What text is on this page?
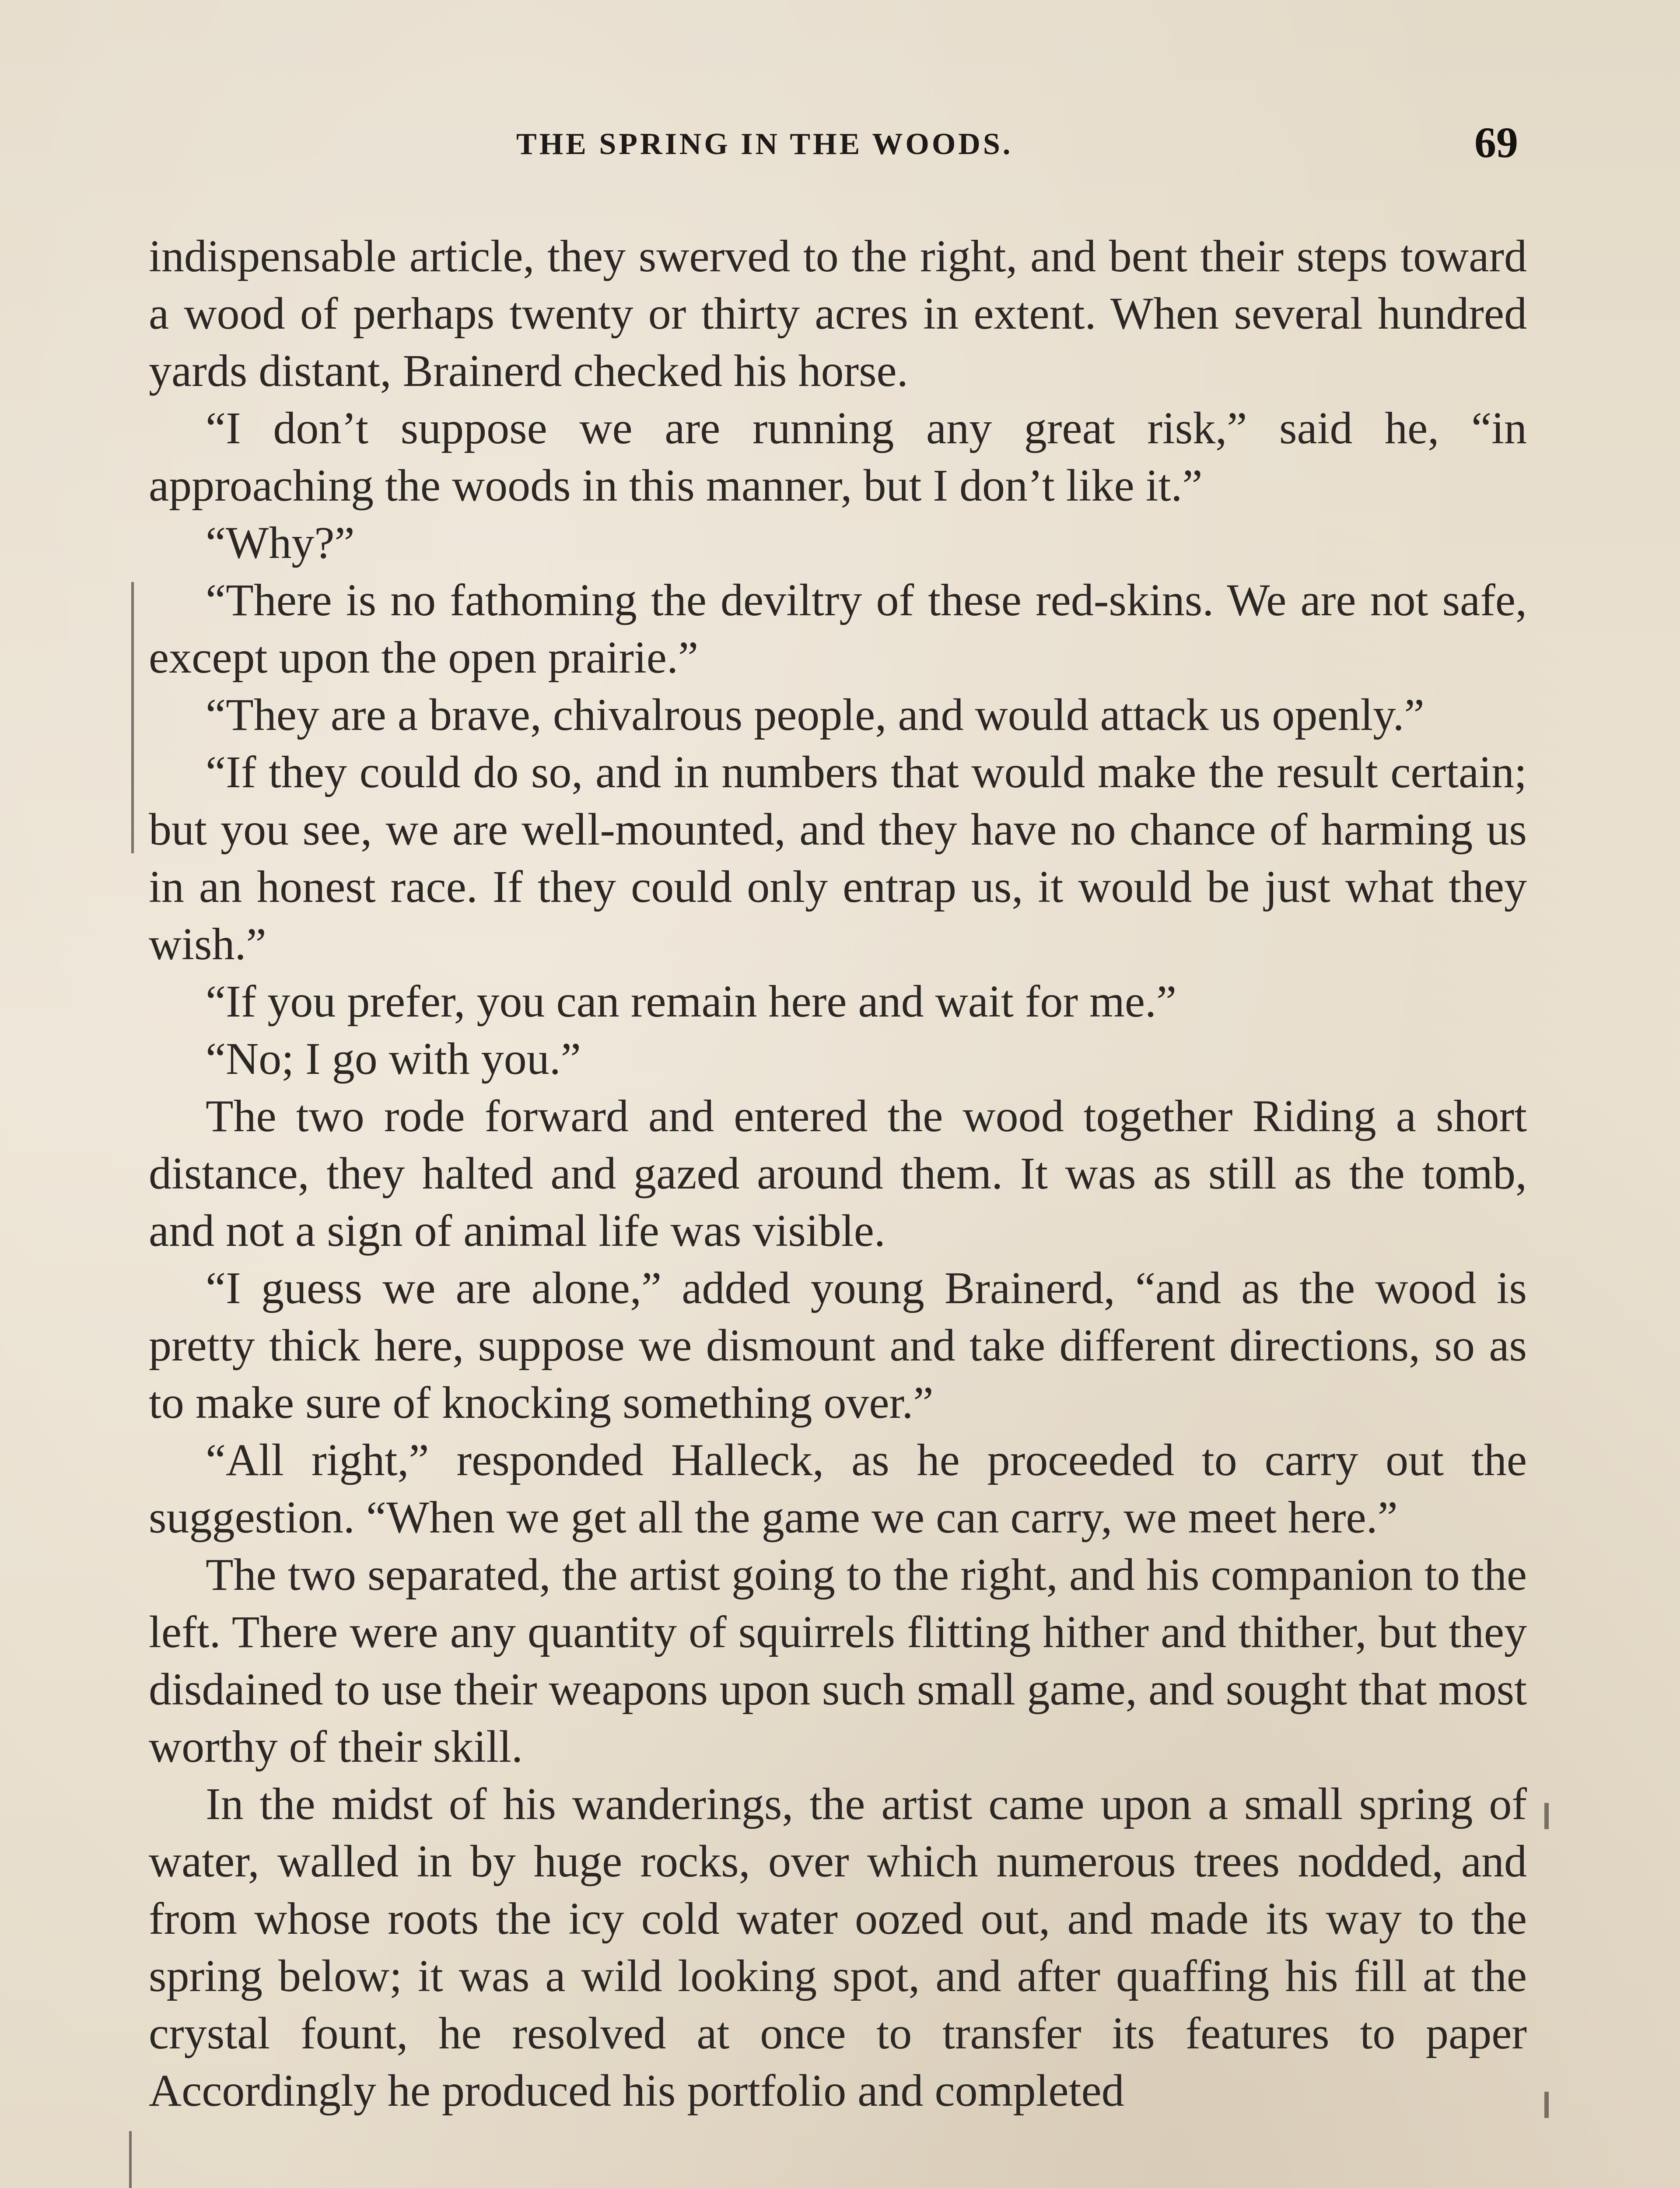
THE SPRING IN THE WOODS.	69

indispensable article, they swerved to the right, and bent their steps toward a wood of perhaps twenty or thirty acres in extent. When several hundred yards distant, Brainerd checked his horse.

“I don’t suppose we are running any great risk,” said he, “in approaching the woods in this manner, but I don’t like it.”

“Why?”

“There is no fathoming the deviltry of these red-skins. We are not safe, except upon the open prairie.”

“They are a brave, chivalrous people, and would attack us openly.”

“If they could do so, and in numbers that would make the result certain; but you see, we are well-mounted, and they have no chance of harming us in an honest race. If they could only entrap us, it would be just what they wish.”

“If you prefer, you can remain here and wait for me.”

“No; I go with you.”

The two rode forward and entered the wood together Riding a short distance, they halted and gazed around them. It was as still as the tomb, and not a sign of animal life was visible.

“I guess we are alone,” added young Brainerd, “and as the wood is pretty thick here, suppose we dismount and take different directions, so as to make sure of knocking something over.”

“All right,” responded Halleck, as he proceeded to carry out the suggestion. “When we get all the game we can carry, we meet here.”

The two separated, the artist going to the right, and his companion to the left. There were any quantity of squirrels flitting hither and thither, but they disdained to use their weapons upon such small game, and sought that most worthy of their skill.

In the midst of his wanderings, the artist came upon a small spring of water, walled in by huge rocks, over which numerous trees nodded, and from whose roots the icy cold water oozed out, and made its way to the spring below; it was a wild looking spot, and after quaffing his fill at the crystal fount, he resolved at once to transfer its features to paper Accordingly he produced his portfolio and completed
